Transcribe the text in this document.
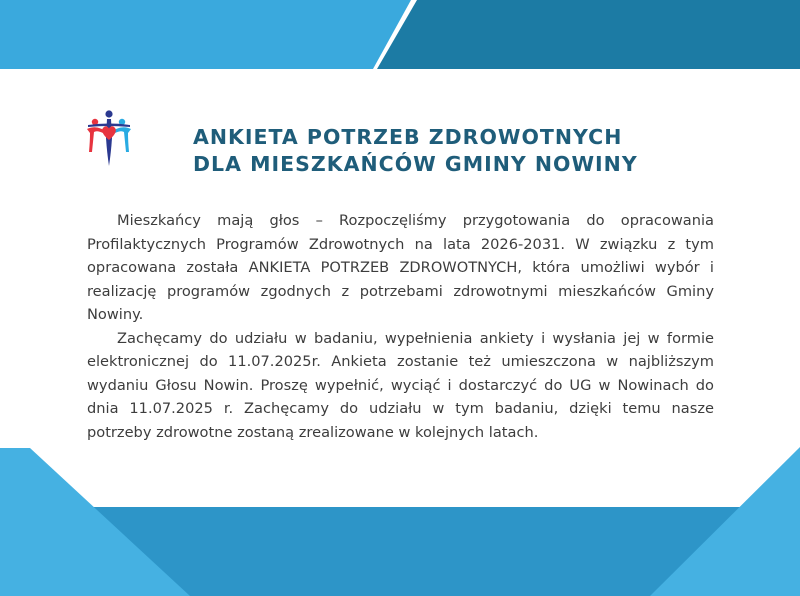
ANKIETA POTRZEB ZDROWOTNYCH
DLA MIESZKAŃCÓW GMINY NOWINY

Mieszkańcy mają głos – Rozpoczęliśmy przygotowania do opracowania Profilaktycznych Programów Zdrowotnych na lata 2026-2031. W związku z tym opracowana została ANKIETA POTRZEB ZDROWOTNYCH, która umożliwi wybór i realizację programów zgodnych z potrzebami zdrowotnymi mieszkańców Gminy Nowiny.

Zachęcamy do udziału w badaniu, wypełnienia ankiety i wysłania jej w formie elektronicznej do 11.07.2025r. Ankieta zostanie też umieszczona w najbliższym wydaniu Głosu Nowin. Proszę wypełnić, wyciąć i dostarczyć do UG w Nowinach do dnia 11.07.2025 r. Zachęcamy do udziału w tym badaniu, dzięki temu nasze potrzeby zdrowotne zostaną zrealizowane w kolejnych latach.
